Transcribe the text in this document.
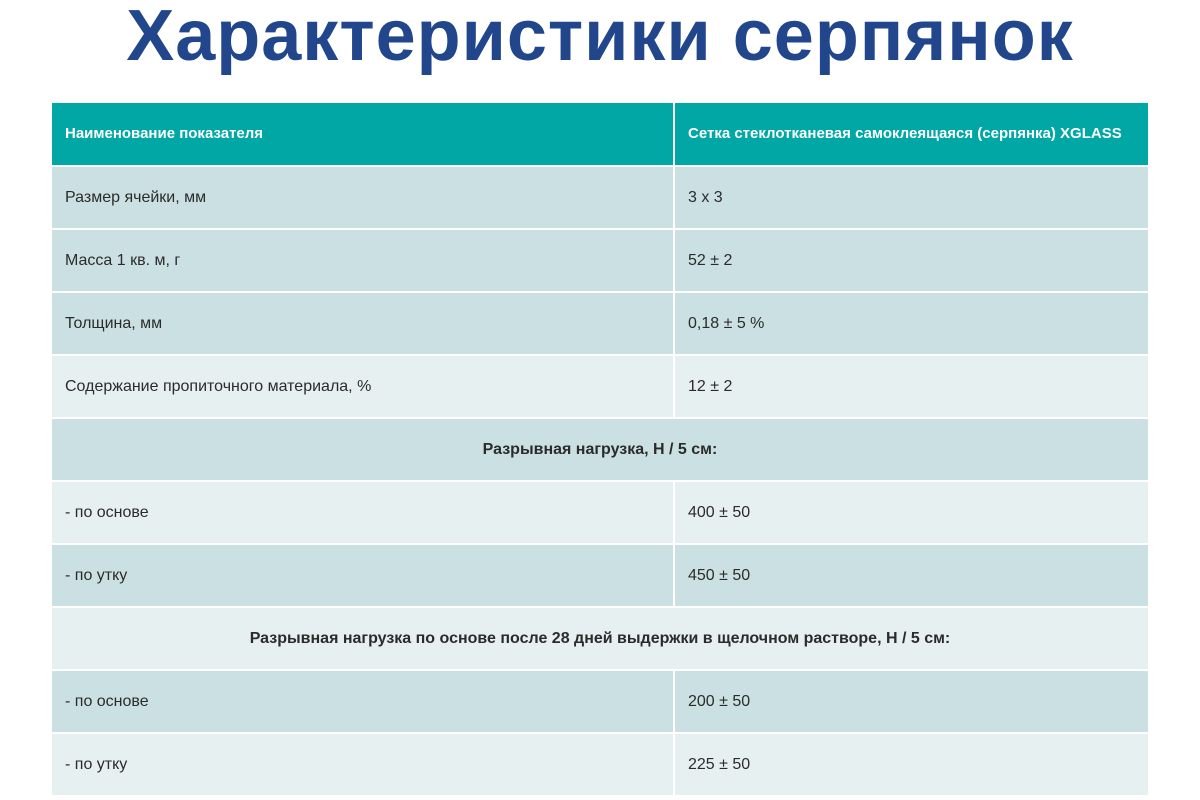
Характеристики серпянок
Наименование показателя	Сетка стеклотканевая самоклеящаяся (серпянка) XGLASS
Размер ячейки, мм	3 x 3
Масса 1 кв. м, г	52 ± 2
Толщина, мм	0,18 ± 5 %
Содержание пропиточного материала, %	12 ± 2
Разрывная нагрузка, Н / 5 см:	
- по основе	400 ± 50
- по утку	450 ± 50
Разрывная нагрузка по основе после 28 дней выдержки в щелочном растворе, Н / 5 см:	
- по основе	200 ± 50
- по утку	225 ± 50
